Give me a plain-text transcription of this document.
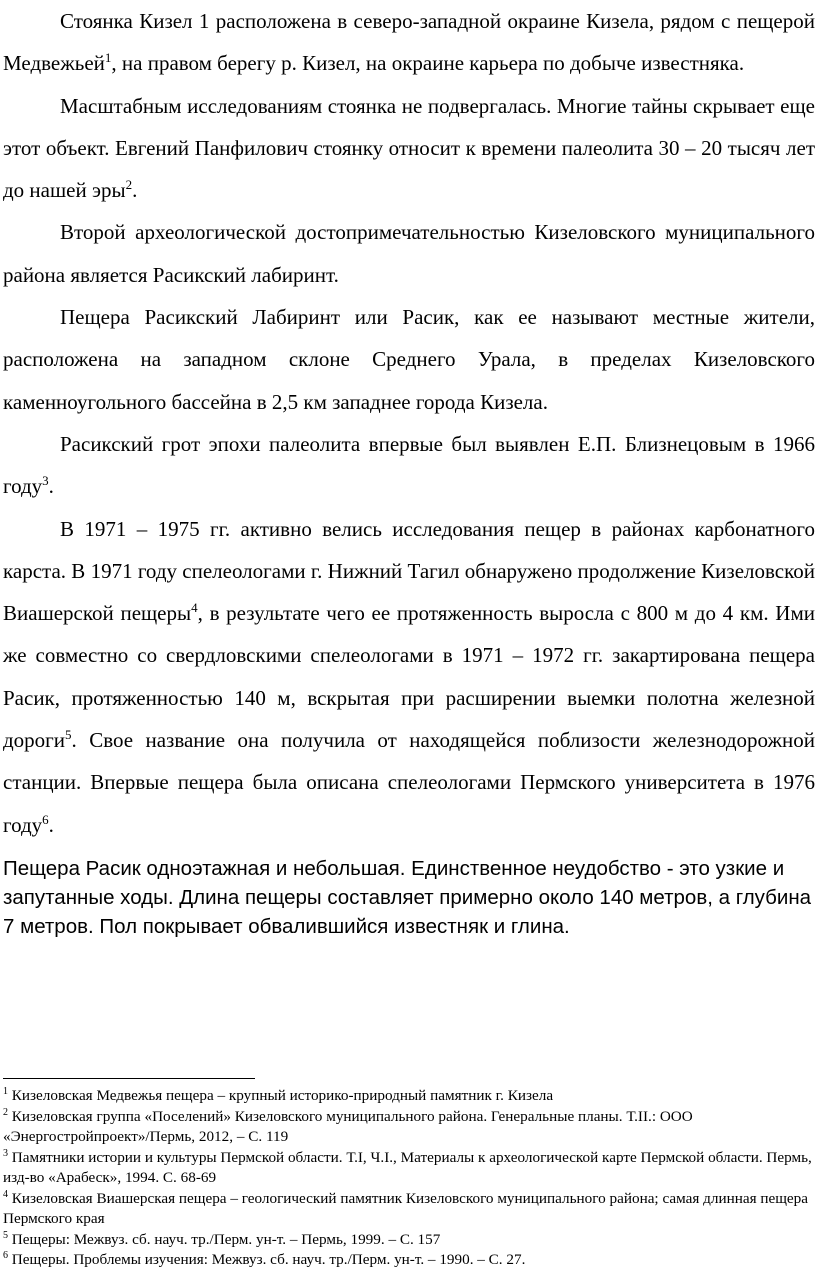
Стоянка Кизел 1 расположена в северо-западной окраине Кизела, рядом с пещерой Медвежьей$^1$, на правом берегу р. Кизел, на окраине карьера по добыче известняка.

Масштабным исследованиям стоянка не подвергалась. Многие тайны скрывает еще этот объект. Евгений Панфилович стоянку относит к времени палеолита 30 – 20 тысяч лет до нашей эры$^2$.

Второй археологической достопримечательностью Кизеловского муниципального района является Расикский лабиринт.

Пещера Расикский Лабиринт или Расик, как ее называют местные жители, расположена на западном склоне Среднего Урала, в пределах Кизеловского каменноугольного бассейна в 2,5 км западнее города Кизела.

Расикский грот эпохи палеолита впервые был выявлен Е.П. Близнецовым в 1966 году$^3$.

В 1971 – 1975 гг. активно велись исследования пещер в районах карбонатного карста. В 1971 году спелеологами г. Нижний Тагил обнаружено продолжение Кизеловской Виашерской пещеры$^4$, в результате чего ее протяженность выросла с 800 м до 4 км. Ими же совместно со свердловскими спелеологами в 1971 – 1972 гг. закартирована пещера Расик, протяженностью 140 м, вскрытая при расширении выемки полотна железной дороги$^5$. Свое название она получила от находящейся поблизости железнодорожной станции. Впервые пещера была описана спелеологами Пермского университета в 1976 году$^6$.

Пещера Расик одноэтажная и небольшая. Единственное неудобство - это узкие и запутанные ходы. Длина пещеры составляет примерно около 140 метров, а глубина 7 метров. Пол покрывает обвалившийся известняк и глина.

$^1$ Кизеловская Медвежья пещера – крупный историко-природный памятник г. Кизела

$^2$ Кизеловская группа «Поселений» Кизеловского муниципального района. Генеральные планы. Т.II.: ООО «Энергостройпроект»/Пермь, 2012, – С. 119

$^3$ Памятники истории и культуры Пермской области. Т.I, Ч.I., Материалы к археологической карте Пермской области. Пермь, изд-во «Арабеск», 1994. С. 68-69

$^4$ Кизеловская Виашерская пещера – геологический памятник Кизеловского муниципального района; самая длинная пещера Пермского края

$^5$ Пещеры: Межвуз. сб. науч. тр./Перм. ун-т. – Пермь, 1999. – С. 157

$^6$ Пещеры. Проблемы изучения: Межвуз. сб. науч. тр./Перм. ун-т. – 1990. – С. 27.
